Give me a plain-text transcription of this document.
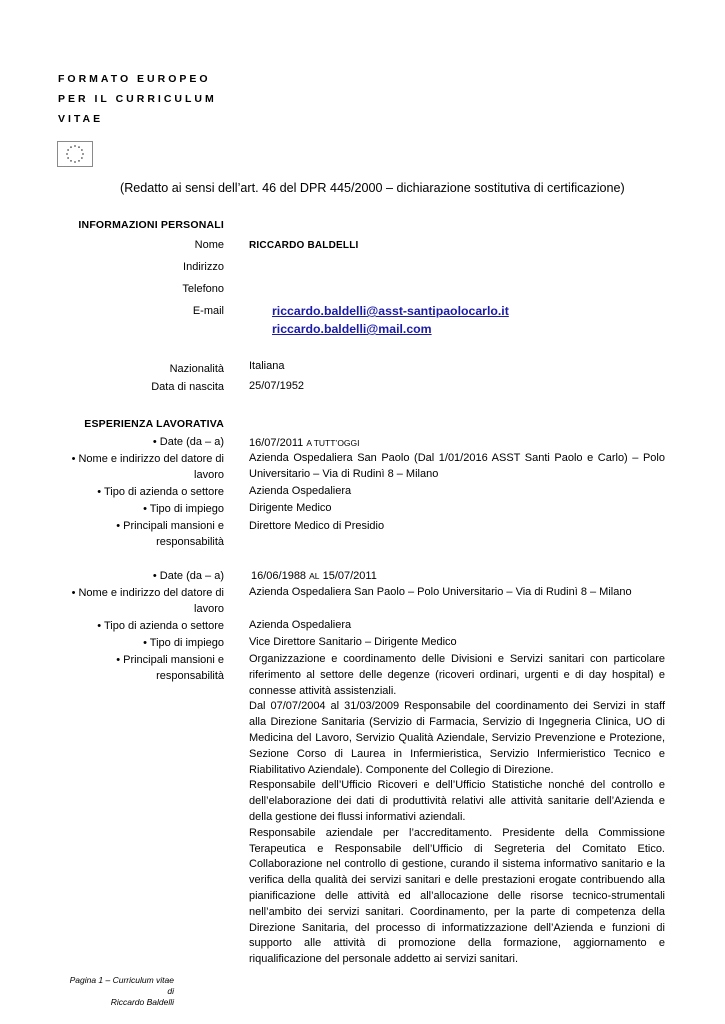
FORMATO EUROPEO
PER IL CURRICULUM
VITAE
(Redatto ai sensi dell’art. 46 del DPR 445/2000 – dichiarazione sostitutiva di certificazione)
INFORMAZIONI PERSONALI
Nome	RICCARDO BALDELLI
Indirizzo
Telefono
E-mail	riccardo.baldelli@asst-santipaolocarlo.it
riccardo.baldelli@mail.com
Nazionalità Italiana
Data di nascita 25/07/1952
ESPERIENZA LAVORATIVA
• Date (da – a) 16/07/2011 A TUTT’OGGI
• Nome e indirizzo del datore di lavoro
Azienda Ospedaliera San Paolo (Dal 1/01/2016 ASST Santi Paolo e Carlo) – Polo Universitario – Via di Rudinì 8 – Milano
• Tipo di azienda o settore Azienda Ospedaliera
• Tipo di impiego Dirigente Medico
• Principali mansioni e responsabilità
Direttore Medico di Presidio
• Date (da – a) 16/06/1988 AL 15/07/2011
• Nome e indirizzo del datore di lavoro
Azienda Ospedaliera San Paolo – Polo Universitario – Via di Rudinì 8 – Milano
• Tipo di azienda o settore Azienda Ospedaliera
• Tipo di impiego Vice Direttore Sanitario – Dirigente Medico
• Principali mansioni e responsabilità

Organizzazione e coordinamento delle Divisioni e Servizi sanitari con particolare riferimento al settore delle degenze (ricoveri ordinari, urgenti e di day hospital) e connesse attività assistenziali.

Dal 07/07/2004 al 31/03/2009 Responsabile del coordinamento dei Servizi in staff alla Direzione Sanitaria (Servizio di Farmacia, Servizio di Ingegneria Clinica, UO di Medicina del Lavoro, Servizio Qualità Aziendale, Servizio Prevenzione e Protezione, Sezione Corso di Laurea in Infermieristica, Servizio Infermieristico Tecnico e Riabilitativo Aziendale). Componente del Collegio di Direzione.

Responsabile dell’Ufficio Ricoveri e dell’Ufficio Statistiche nonché del controllo e dell’elaborazione dei dati di produttività relativi alle attività sanitarie dell’Azienda e della gestione dei flussi informativi aziendali.

Responsabile aziendale per l’accreditamento. Presidente della Commissione Terapeutica e Responsabile dell’Ufficio di Segreteria del Comitato Etico. Collaborazione nel controllo di gestione, curando il sistema informativo sanitario e la verifica della qualità dei servizi sanitari e delle prestazioni erogate contribuendo alla pianificazione delle attività ed all’allocazione delle risorse tecnico-strumentali nell’ambito dei servizi sanitari. Coordinamento, per la parte di competenza della Direzione Sanitaria, del processo di informatizzazione dell’Azienda e funzioni di supporto alle attività di promozione della formazione, aggiornamento e riqualificazione del personale addetto ai servizi sanitari.

Pagina 1 – Curriculum vitae di
Riccardo Baldelli
